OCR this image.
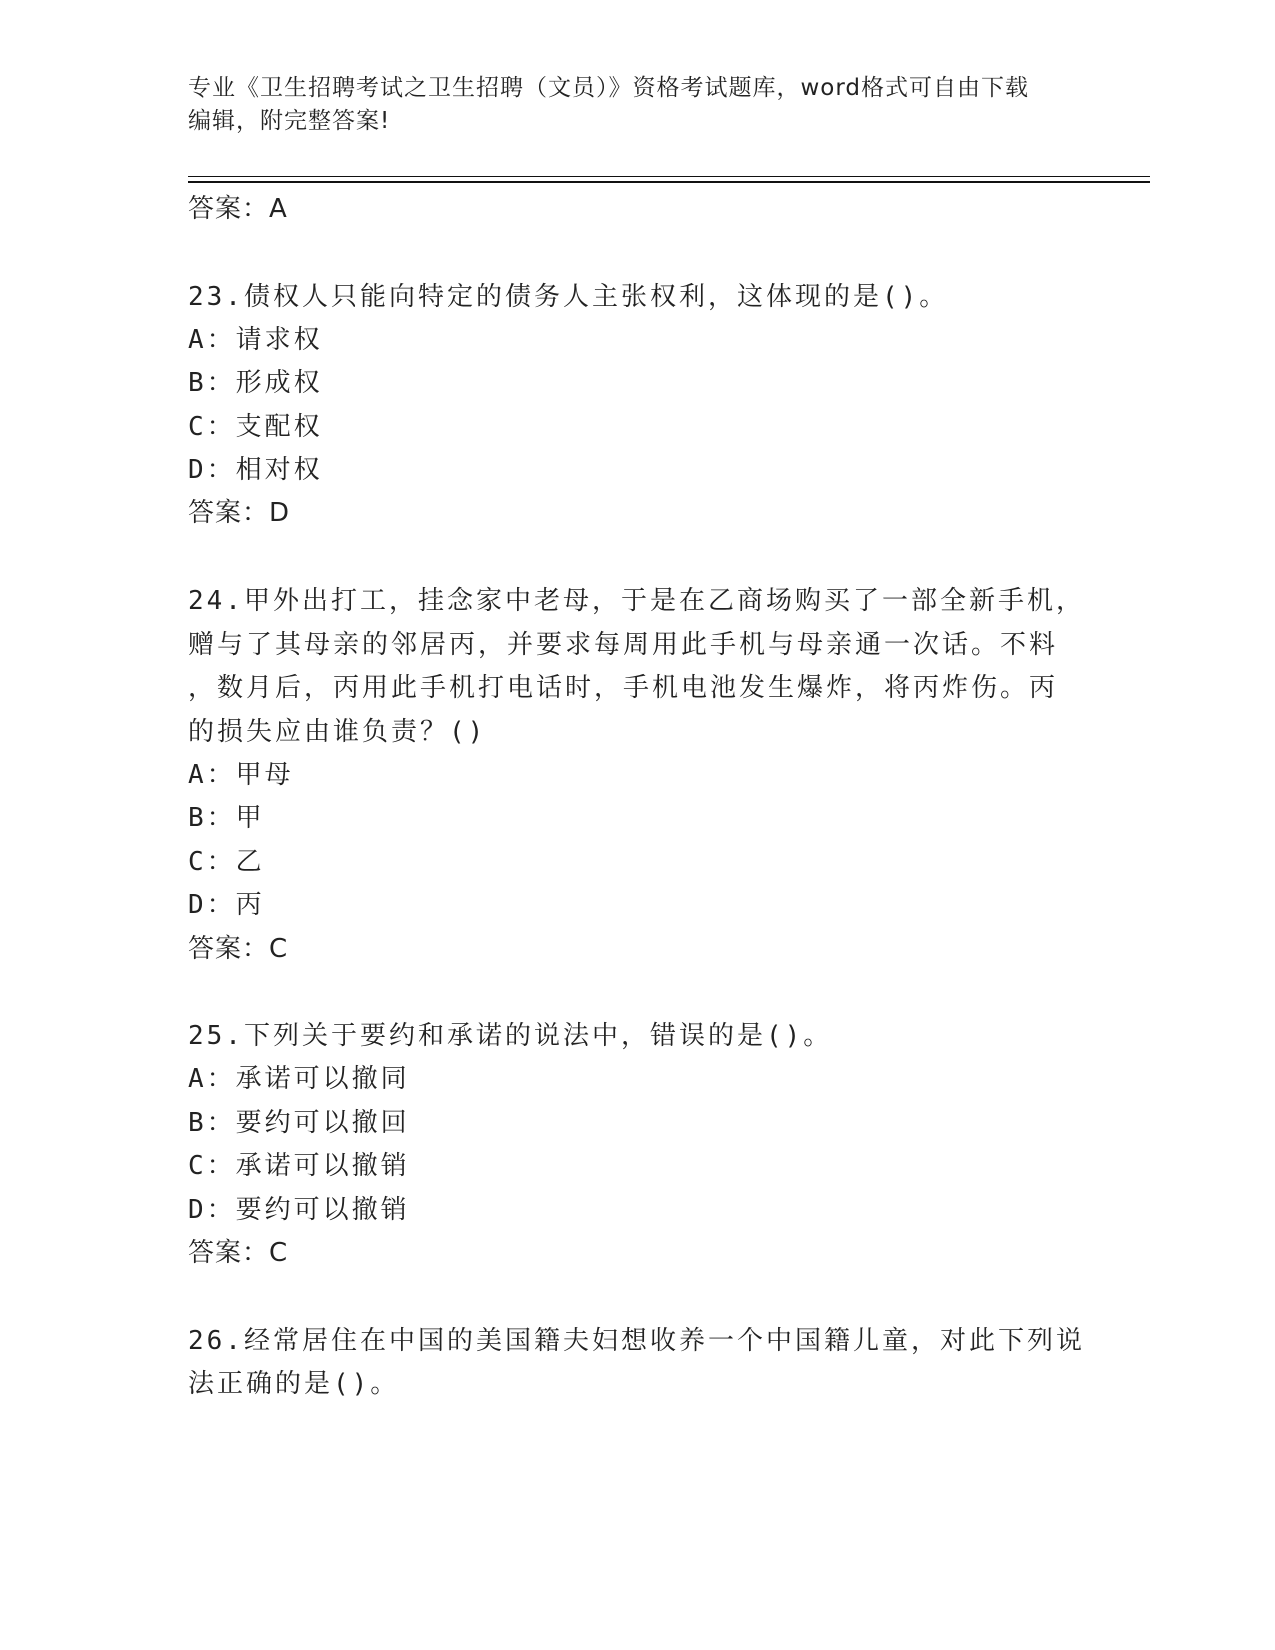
专业《卫生招聘考试之卫生招聘（文员）》资格考试题库，word格式可自由下载
编辑，附完整答案!
答案：A
23.债权人只能向特定的债务人主张权利，这体现的是()。
A：请求权
B：形成权
C：支配权
D：相对权
答案：D
24.甲外出打工，挂念家中老母，于是在乙商场购买了一部全新手机，
赠与了其母亲的邻居丙，并要求每周用此手机与母亲通一次话。不料
，数月后，丙用此手机打电话时，手机电池发生爆炸，将丙炸伤。丙
的损失应由谁负责？()
A：甲母
B：甲
C：乙
D：丙
答案：C
25.下列关于要约和承诺的说法中，错误的是()。
A：承诺可以撤同
B：要约可以撤回
C：承诺可以撤销
D：要约可以撤销
答案：C
26.经常居住在中国的美国籍夫妇想收养一个中国籍儿童，对此下列说
法正确的是()。
